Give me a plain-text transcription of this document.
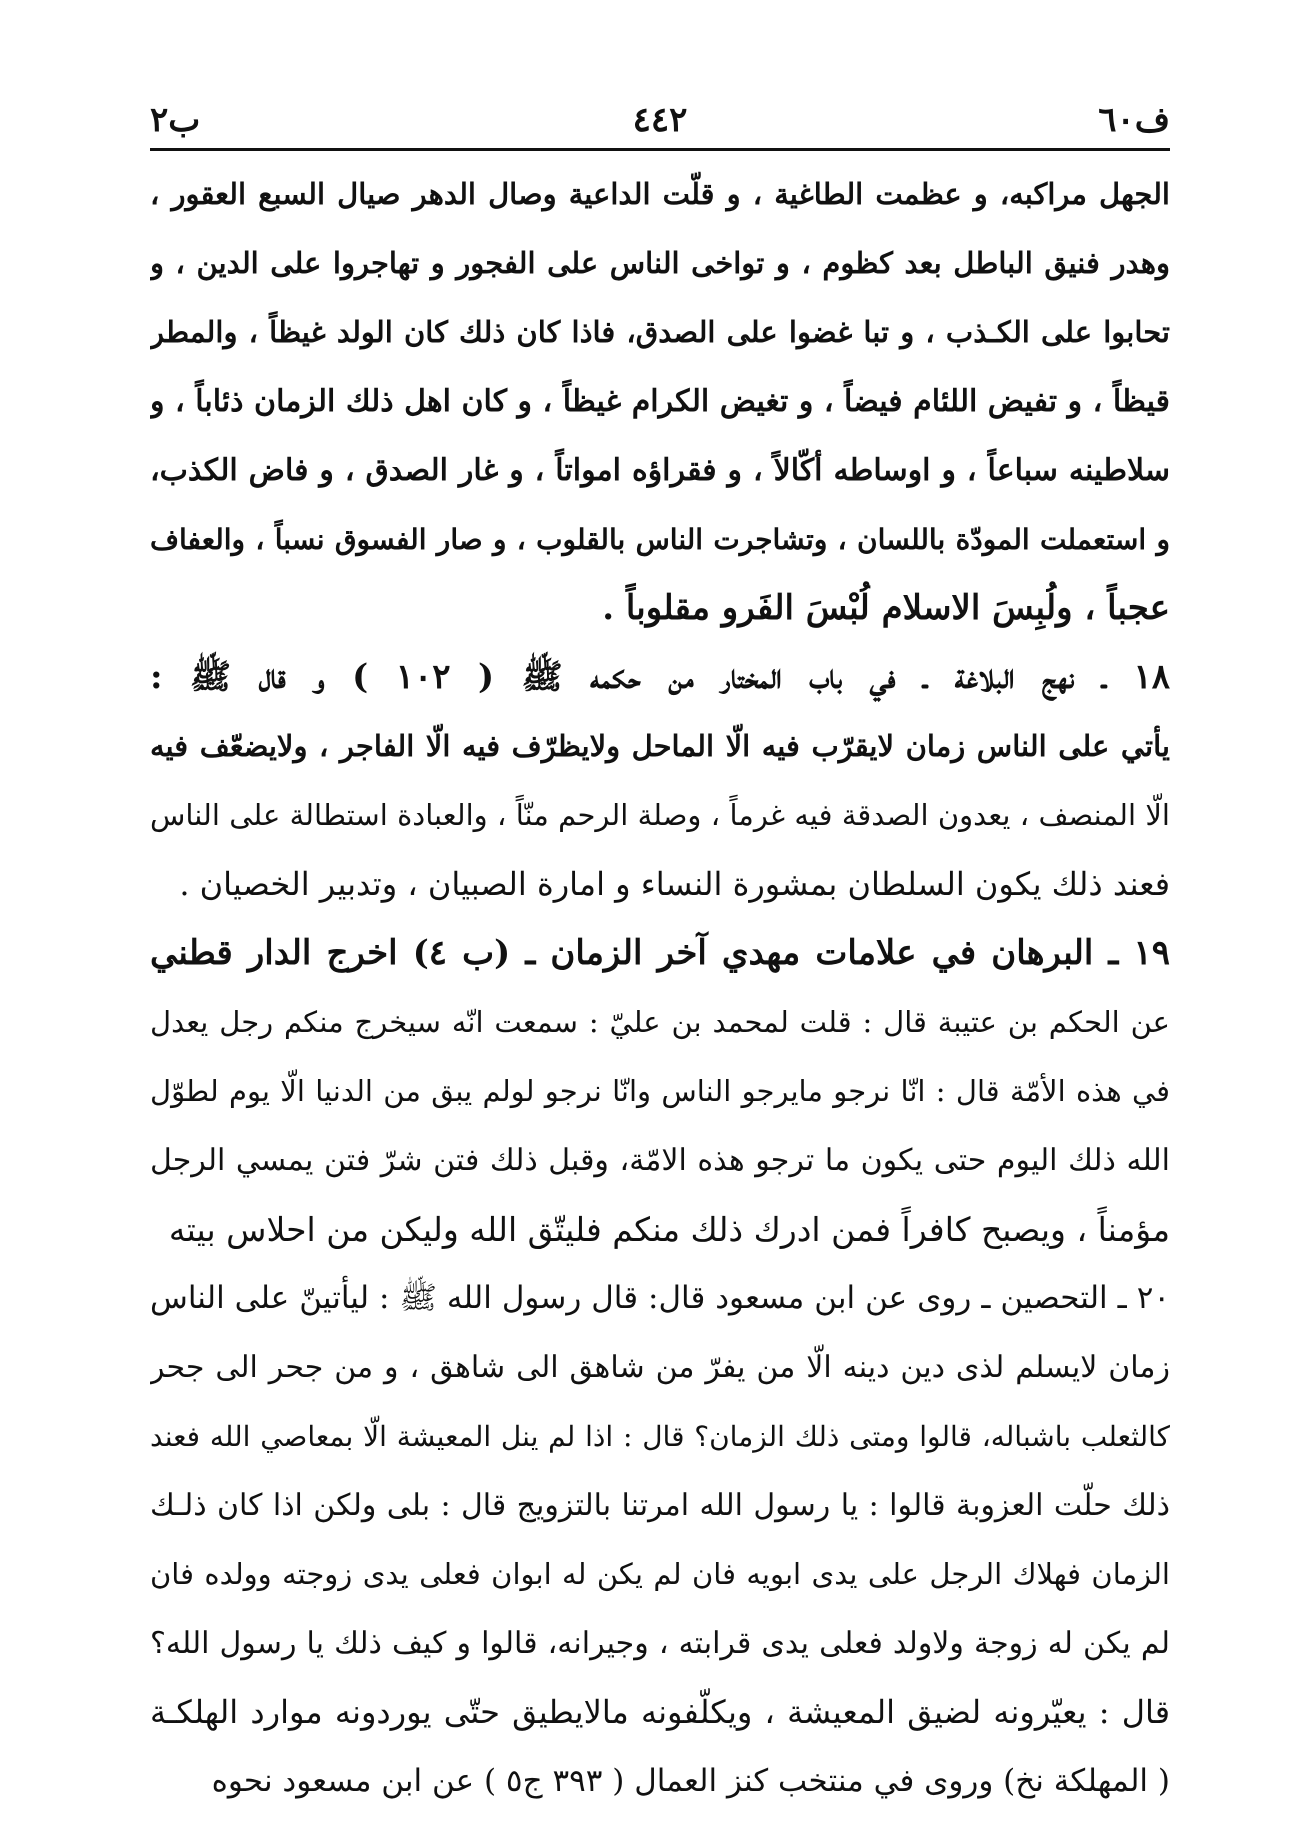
ف٦٠
٤٤٢
ب٢
الجهل مراكبه، و عظمت الطاغية ، و قلّت الداعية وصال الدهر صيال السبع العقور ،
وهدر فنيق الباطل بعد كظوم ، و تواخى الناس على الفجور و تهاجروا على الدين ، و
تحابوا على الكـذب ، و تبا غضوا على الصدق، فاذا كان ذلك كان الولد غيظاً ، والمطر
قيظاً ، و تفيض اللئام فيضاً ، و تغيض الكرام غيظاً ، و كان اهل ذلك الزمان ذئاباً ، و
سلاطينه سباعاً ، و اوساطه أكّالاً ، و فقراؤه امواتاً ، و غار الصدق ، و فاض الكذب،
و استعملت المودّة باللسان ، وتشاجرت الناس بالقلوب ، و صار الفسوق نسباً ، والعفاف
عجباً ، ولُبِسَ الاسلام لُبْسَ الفَرو مقلوباً .
١٨ ـ نهج البلاغة ـ في باب المختار من حكمه ﷺ ( ١٠٢ ) و قال ﷺ :
يأتي على الناس زمان لايقرّب فيه الّا الماحل ولايظرّف فيه الّا الفاجر ، ولايضعّف فيه
الّا المنصف ، يعدون الصدقة فيه غرماً ، وصلة الرحم منّاً ، والعبادة استطالة على الناس
فعند ذلك يكون السلطان بمشورة النساء و امارة الصبيان ، وتدبير الخصيان .
١٩ ـ البرهان في علامات مهدي آخر الزمان ـ (ب ٤) اخرج الدار قطني
عن الحكم بن عتيبة قال : قلت لمحمد بن عليّ : سمعت انّه سيخرج منكم رجل يعدل
في هذه الأمّة قال : انّا نرجو مايرجو الناس وانّا نرجو لولم يبق من الدنيا الّا يوم لطوّل
الله ذلك اليوم حتى يكون ما ترجو هذه الامّة، وقبل ذلك فتن شرّ فتن يمسي الرجل
مؤمناً ، ويصبح كافراً فمن ادرك ذلك منكم فليتّق الله وليكن من احلاس بيته
٢٠ ـ التحصين ـ روى عن ابن مسعود قال: قال رسول الله ﷺ : ليأتينّ على الناس
زمان لايسلم لذى دين دينه الّا من يفرّ من شاهق الى شاهق ، و من جحر الى جحر
كالثعلب باشباله، قالوا ومتى ذلك الزمان؟ قال : اذا لم ينل المعيشة الّا بمعاصي الله فعند
ذلك حلّت العزوبة قالوا : يا رسول الله امرتنا بالتزويج قال : بلى ولكن اذا كان ذلـك
الزمان فهلاك الرجل على يدى ابويه فان لم يكن له ابوان فعلى يدى زوجته وولده فان
لم يكن له زوجة ولاولد فعلى يدى قرابته ، وجيرانه، قالوا و كيف ذلك يا رسول الله؟
قال : يعيّرونه لضيق المعيشة ، ويكلّفونه مالايطيق حتّى يوردونه موارد الهلكـة
( المهلكة نخ) وروى في منتخب كنز العمال ( ٣٩٣ ج٥ ) عن ابن مسعود نحوه
